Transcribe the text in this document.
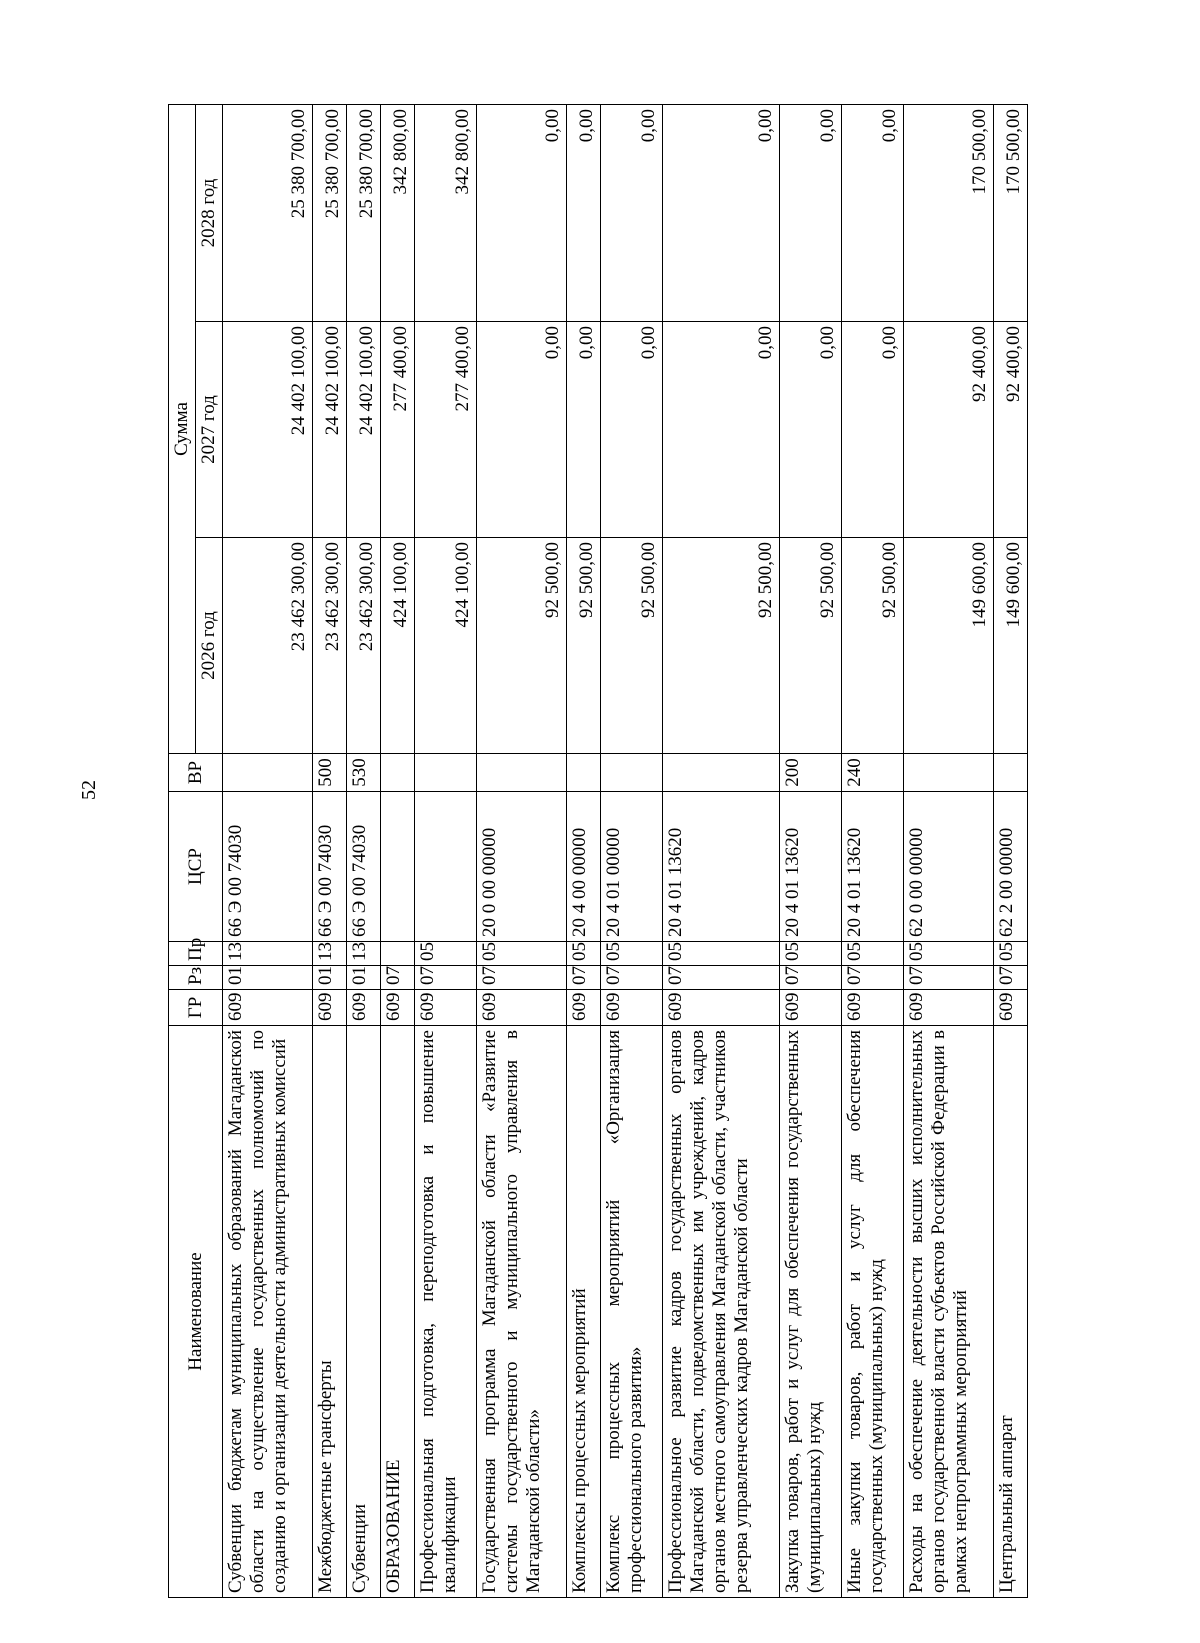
52
Наименование	ГР	Рз	Пр	ЦСР	ВР	Сумма		
						2026 год	2027 год	2028 год
Субвенции бюджетам муниципальных образований Магаданской области на осуществление государственных полномочий по созданию и организации деятельности административных комиссий	609	01	13	66 Э 00 74030		23 462 300,00	24 402 100,00	25 380 700,00
Межбюджетные трансферты	609	01	13	66 Э 00 74030	500	23 462 300,00	24 402 100,00	25 380 700,00
Субвенции	609	01	13	66 Э 00 74030	530	23 462 300,00	24 402 100,00	25 380 700,00
ОБРАЗОВАНИЕ	609	07				424 100,00	277 400,00	342 800,00
Профессиональная подготовка, переподготовка и повышение квалификации	609	07	05			424 100,00	277 400,00	342 800,00
Государственная программа Магаданской области «Развитие системы государственного и муниципального управления в Магаданской области»	609	07	05	20 0 00 00000		92 500,00	0,00	0,00
Комплексы процессных мероприятий	609	07	05	20 4 00 00000		92 500,00	0,00	0,00
Комплекс процессных мероприятий «Организация профессионального развития»	609	07	05	20 4 01 00000		92 500,00	0,00	0,00
Профессиональное развитие кадров государственных органов Магаданской области, подведомственных им учреждений, кадров органов местного самоуправления Магаданской области, участников резерва управленческих кадров Магаданской области	609	07	05	20 4 01 13620		92 500,00	0,00	0,00
Закупка товаров, работ и услуг для обеспечения государственных (муниципальных) нужд	609	07	05	20 4 01 13620	200	92 500,00	0,00	0,00
Иные закупки товаров, работ и услуг для обеспечения государственных (муниципальных) нужд	609	07	05	20 4 01 13620	240	92 500,00	0,00	0,00
Расходы на обеспечение деятельности высших исполнительных органов государственной власти субъектов Российской Федерации в рамках непрограммных мероприятий	609	07	05	62 0 00 00000		149 600,00	92 400,00	170 500,00
Центральный аппарат	609	07	05	62 2 00 00000		149 600,00	92 400,00	170 500,00
